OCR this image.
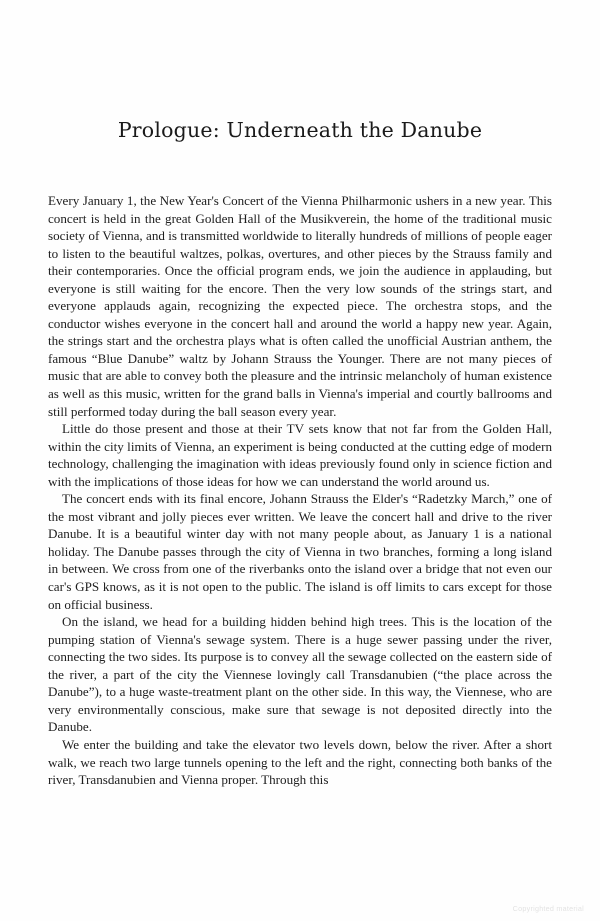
Prologue: Underneath the Danube

Every January 1, the New Year's Concert of the Vienna Philharmonic ushers in a new year. This concert is held in the great Golden Hall of the Musikverein, the home of the traditional music society of Vienna, and is transmitted worldwide to literally hundreds of millions of people eager to listen to the beautiful waltzes, polkas, overtures, and other pieces by the Strauss family and their contemporaries. Once the official program ends, we join the audience in applauding, but everyone is still waiting for the encore. Then the very low sounds of the strings start, and everyone applauds again, recognizing the expected piece. The orchestra stops, and the conductor wishes everyone in the concert hall and around the world a happy new year. Again, the strings start and the orchestra plays what is often called the unofficial Austrian anthem, the famous “Blue Danube” waltz by Johann Strauss the Younger. There are not many pieces of music that are able to convey both the pleasure and the intrinsic melancholy of human existence as well as this music, written for the grand balls in Vienna's imperial and courtly ballrooms and still performed today during the ball season every year.

Little do those present and those at their TV sets know that not far from the Golden Hall, within the city limits of Vienna, an experiment is being conducted at the cutting edge of modern technology, challenging the imagination with ideas previously found only in science fiction and with the implications of those ideas for how we can understand the world around us.

The concert ends with its final encore, Johann Strauss the Elder's “Radetzky March,” one of the most vibrant and jolly pieces ever written. We leave the concert hall and drive to the river Danube. It is a beautiful winter day with not many people about, as January 1 is a national holiday. The Danube passes through the city of Vienna in two branches, forming a long island in between. We cross from one of the riverbanks onto the island over a bridge that not even our car's GPS knows, as it is not open to the public. The island is off limits to cars except for those on official business.

On the island, we head for a building hidden behind high trees. This is the location of the pumping station of Vienna's sewage system. There is a huge sewer passing under the river, connecting the two sides. Its purpose is to convey all the sewage collected on the eastern side of the river, a part of the city the Viennese lovingly call Transdanubien (“the place across the Danube”), to a huge waste-treatment plant on the other side. In this way, the Viennese, who are very environmentally conscious, make sure that sewage is not deposited directly into the Danube.

We enter the building and take the elevator two levels down, below the river. After a short walk, we reach two large tunnels opening to the left and the right, connecting both banks of the river, Transdanubien and Vienna proper. Through this

Copyrighted material
